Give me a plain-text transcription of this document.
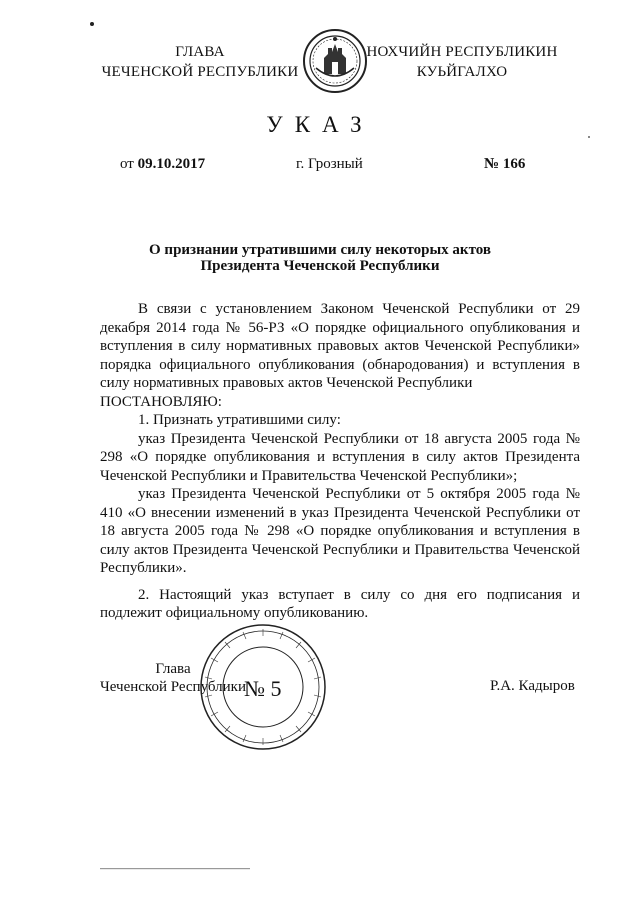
ГЛАВА
ЧЕЧЕНСКОЙ РЕСПУБЛИКИ
НОХЧИЙН РЕСПУБЛИКИН
КУЬЙГАЛХО
УКАЗ
от 09.10.2017	г. Грозный	№ 166
О признании утратившими силу некоторых актов
Президента Чеченской Республики

В связи с установлением Законом Чеченской Республики от 29 декабря 2014 года № 56-РЗ «О порядке официального опубликования и вступления в силу нормативных правовых актов Чеченской Республики» порядка официального опубликования (обнародования) и вступления в силу нормативных правовых актов Чеченской Республики

ПОСТАНОВЛЯЮ:

1. Признать утратившими силу:

указ Президента Чеченской Республики от 18 августа 2005 года № 298 «О порядке опубликования и вступления в силу актов Президента Чеченской Республики и Правительства Чеченской Республики»;

указ Президента Чеченской Республики от 5 октября 2005 года № 410 «О внесении изменений в указ Президента Чеченской Республики от 18 августа 2005 года № 298 «О порядке опубликования и вступления в силу актов Президента Чеченской Республики и Правительства Чеченской Республики».

2. Настоящий указ вступает в силу со дня его подписания и подлежит официальному опубликованию.

Глава
Чеченской Республики
№ 5	Р.А. Кадыров
